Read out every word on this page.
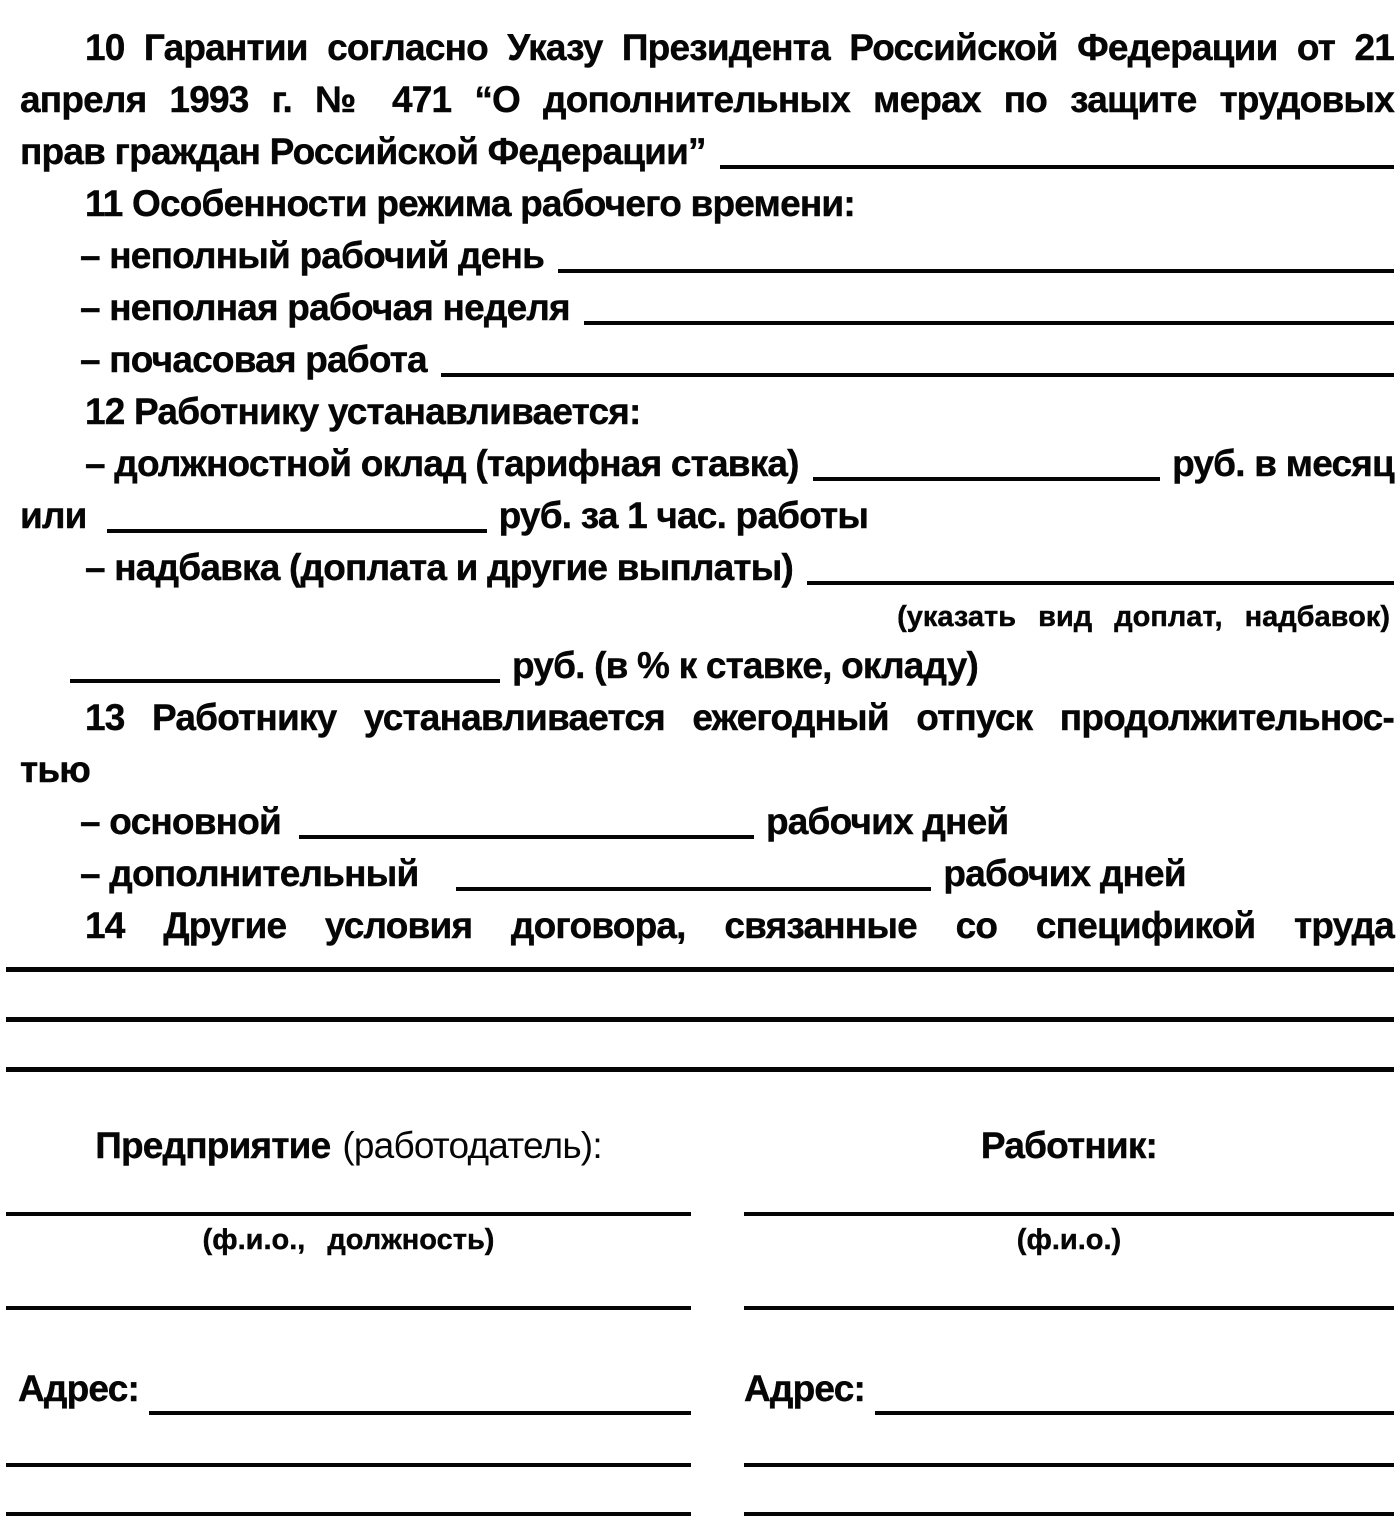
10 Гарантии согласно Указу Президента Российской Федерации от 21
апреля 1993 г. № 471 “О дополнительных мерах по защите трудовых
прав граждан Российской Федерации”
11 Особенности режима рабочего времени:
– неполный рабочий день
– неполная рабочая неделя
– почасовая работа
12 Работнику устанавливается:
– должностной оклад (тарифная ставка)	руб. в месяц
или	руб. за 1 час. работы
– надбавка (доплата и другие выплаты)
(указать вид доплат, надбавок)
руб. (в % к ставке, окладу)
13 Работнику устанавливается ежегодный отпуск продолжительнос-
тью
– основной	рабочих дней
– дополнительный	рабочих дней
14 Другие условия договора, связанные со спецификой труда
Предприятие (работодатель):	Работник:
(ф.и.о., должность)	(ф.и.о.)
Адрес:	Адрес:
